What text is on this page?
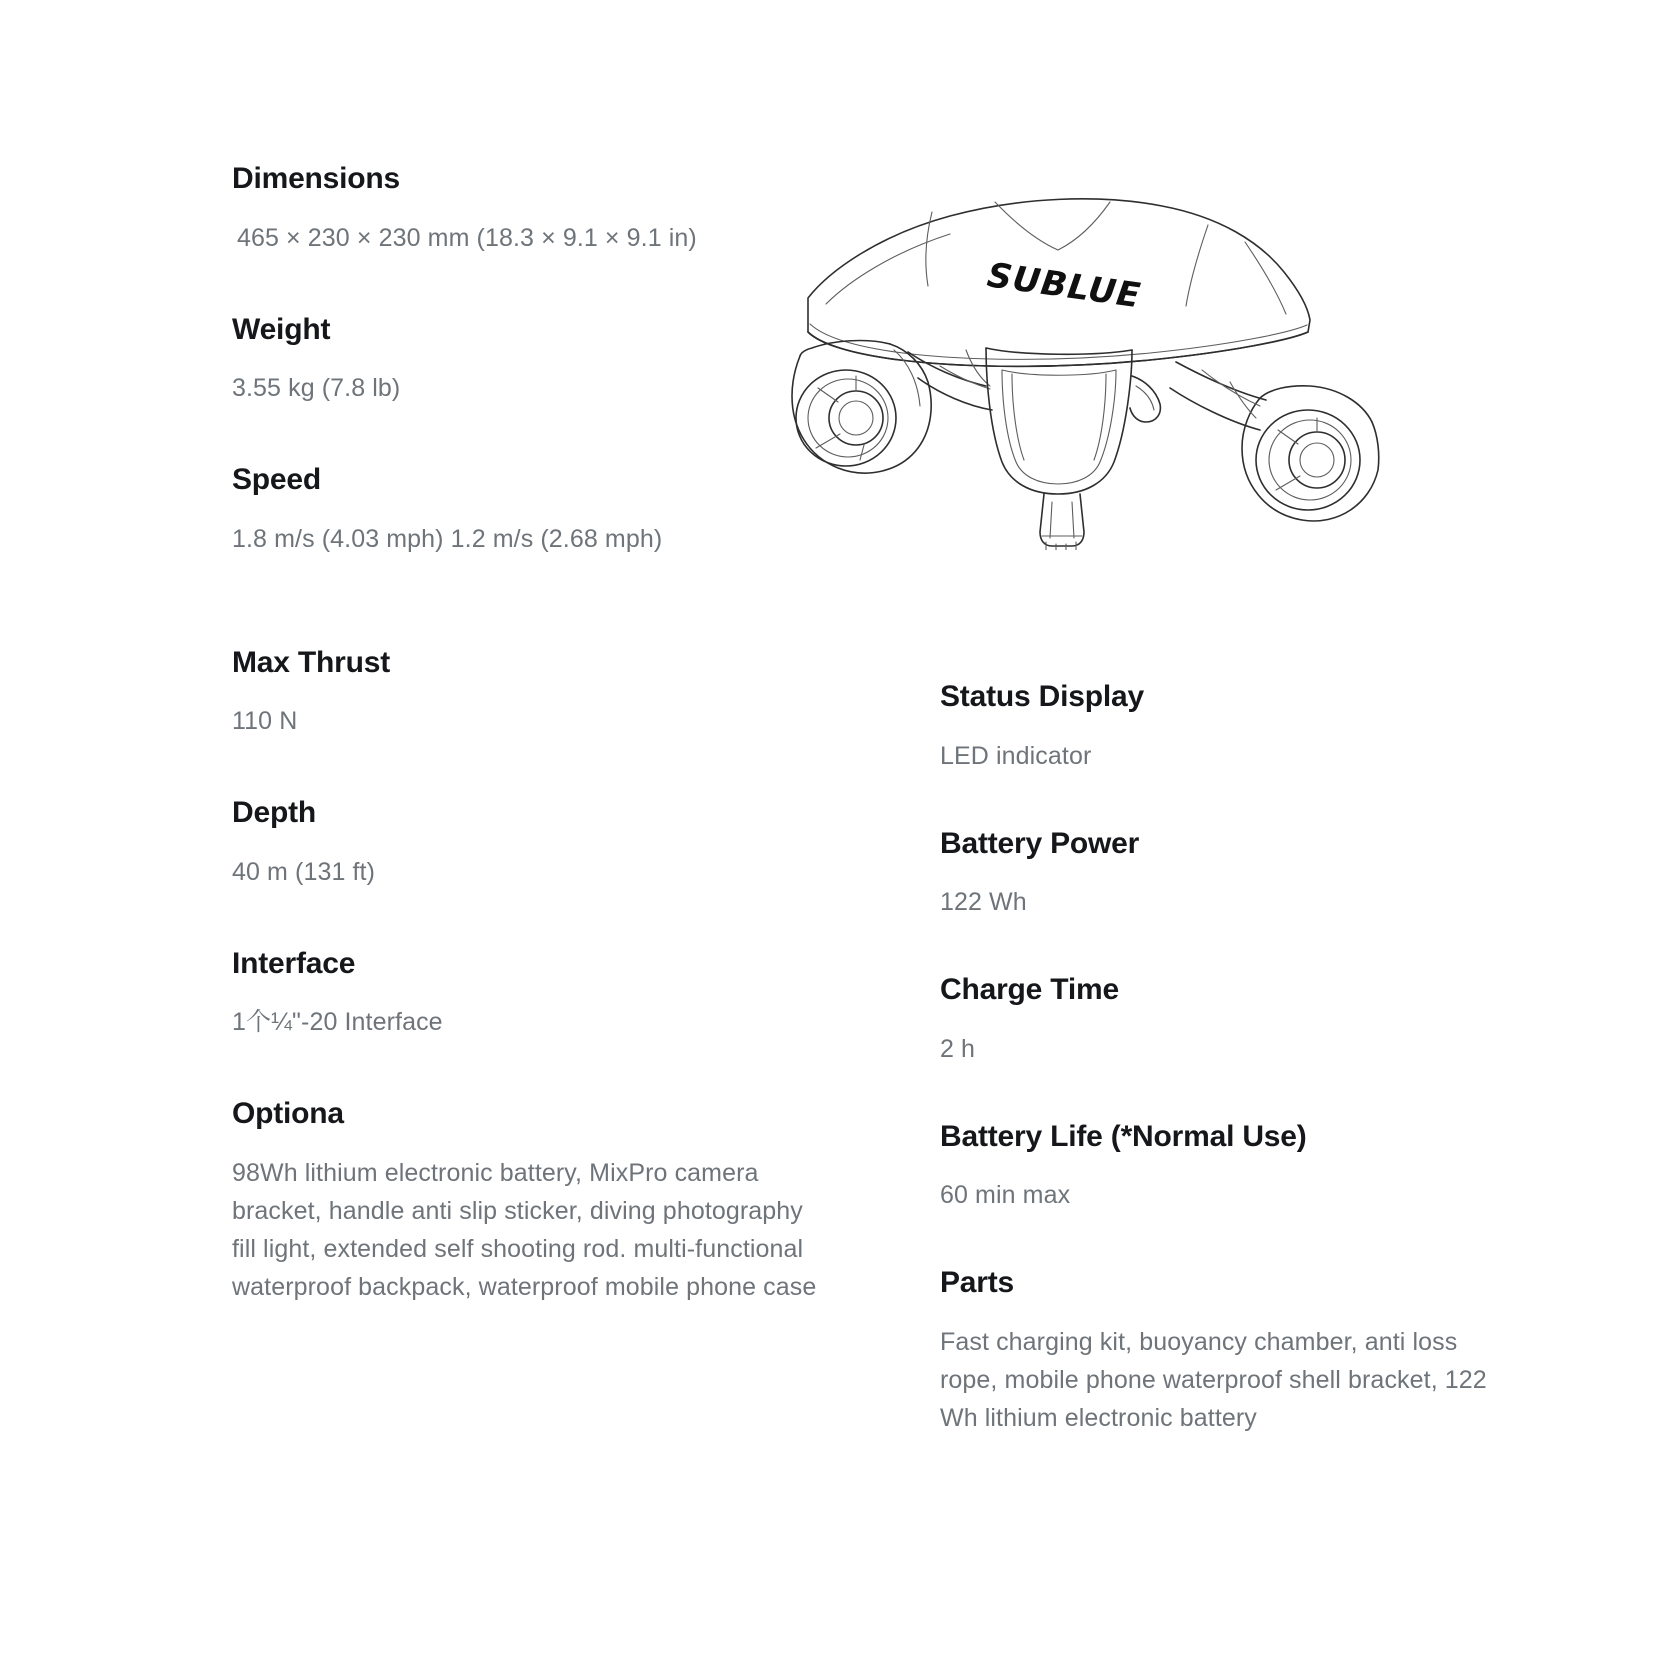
Dimensions

465 × 230 × 230 mm (18.3 × 9.1 × 9.1 in)

Weight

3.55 kg (7.8 lb)

Speed

1.8 m/s (4.03 mph) 1.2 m/s (2.68 mph)

Max Thrust

110 N

Depth

40 m (131 ft)

Interface

1个¼"-20 Interface

Optiona

98Wh lithium electronic battery, MixPro camera bracket, handle anti slip sticker, diving photography fill light, extended self shooting rod. multi-functional waterproof backpack, waterproof mobile phone case

Status Display

LED indicator

Battery Power

122 Wh

Charge Time

2 h

Battery Life (*Normal Use)

60 min max

Parts

Fast charging kit, buoyancy chamber, anti loss rope, mobile phone waterproof shell bracket, 122 Wh lithium electronic battery

SUBLUE
